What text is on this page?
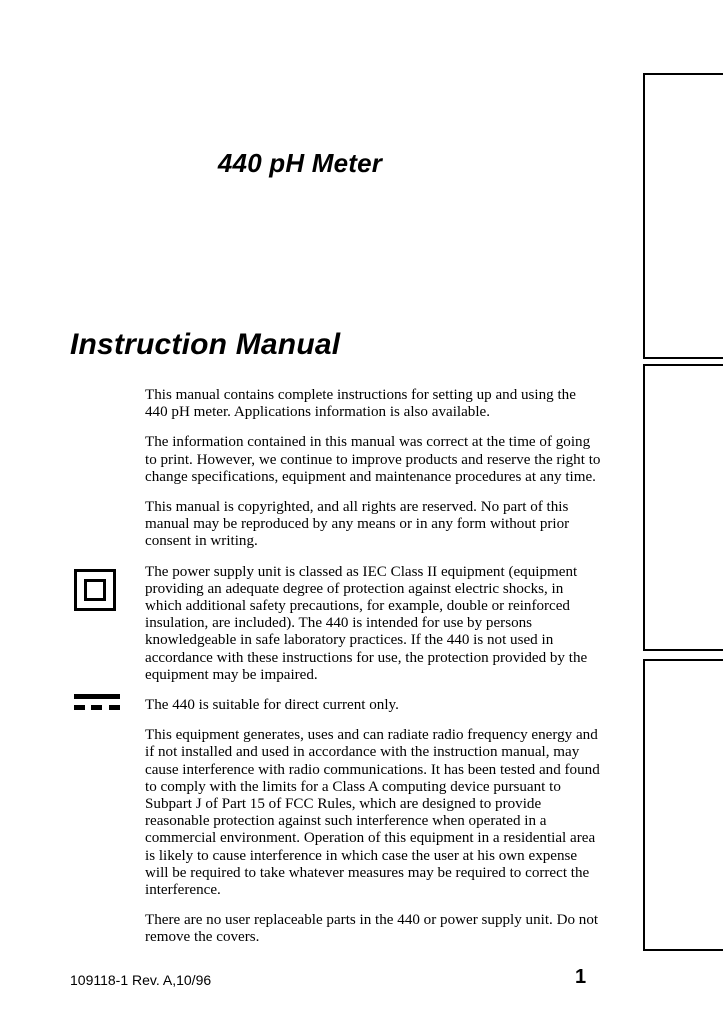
440 pH Meter
Instruction Manual

This manual contains complete instructions for setting up and using the 440 pH meter. Applications information is also available.

The information contained in this manual was correct at the time of going to print. However, we continue to improve products and reserve the right to change specifications, equipment and maintenance procedures at any time.

This manual is copyrighted, and all rights are reserved. No part of this manual may be reproduced by any means or in any form without prior consent in writing.

The power supply unit is classed as IEC Class II equipment (equipment providing an adequate degree of protection against electric shocks, in which additional safety precautions, for example, double or reinforced insulation, are included). The 440 is intended for use by persons knowledgeable in safe laboratory practices. If the 440 is not used in accordance with these instructions for use, the protection provided by the equipment may be impaired.

The 440 is suitable for direct current only.

This equipment generates, uses and can radiate radio frequency energy and if not installed and used in accordance with the instruction manual, may cause interference with radio communications. It has been tested and found to comply with the limits for a Class A computing device pursuant to Subpart J of Part 15 of FCC Rules, which are designed to provide reasonable protection against such interference when operated in a commercial environment. Operation of this equipment in a residential area is likely to cause interference in which case the user at his own expense will be required to take whatever measures may be required to correct the interference.

There are no user replaceable parts in the 440 or power supply unit. Do not remove the covers.

109118-1 Rev. A,10/96	1
